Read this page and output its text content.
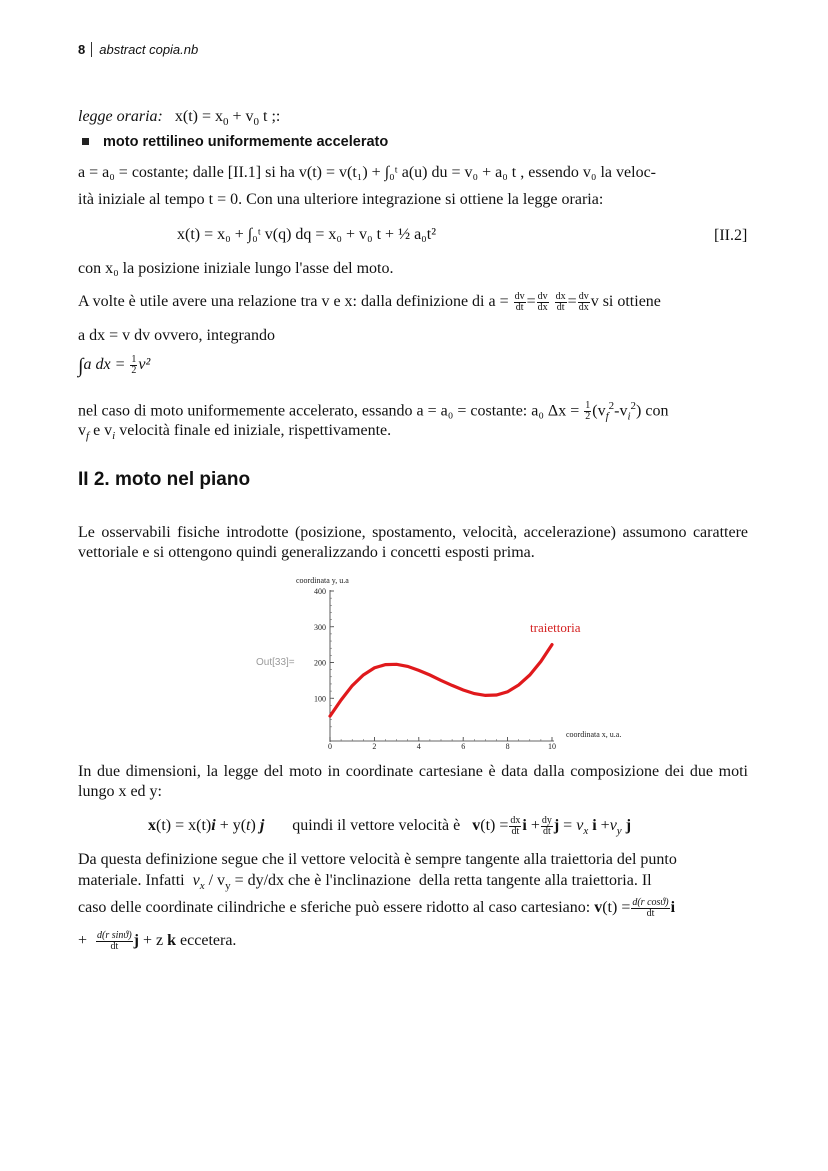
8 abstract copia.nb
legge oraria: $x(t) = x_0 + v_0$ t ;:
moto rettilineo uniformemente accelerato
a = a₀ = costante; dalle [II.1] si ha v(t) = v(t₁) + ∫₀ᵗ a(u) du = v₀ + a₀ t , essendo v₀ la veloc-
ità iniziale al tempo t = 0. Con una ulteriore integrazione si ottiene la legge oraria:
x(t) = x₀ + ∫₀ᵗ v(q) dq = x₀ + v₀ t + ½ a₀t²	[II.2]
con x₀ la posizione iniziale lungo l'asse del moto.
A volte è utile avere una relazione tra v e x: dalla definizione di $a = \frac{dv}{dt} = \frac{dv}{dx}$
$\frac{dx}{dt} = \frac{dv}{dx}$ v si ottiene
a dx = v dv ovvero, integrando
∫a dx = $\frac{1}{2} v^2$
nel caso di moto uniformemente accelerato, essando a = a₀ = costante: a₀ $\Delta x = \frac{1}{2} (v_f^2-v_i^2)$ con
$v_f$ e $v_i$ velocità finale ed iniziale, rispettivamente.
II 2. moto nel piano
Le osservabili fisiche introdotte (posizione, spostamento, velocità, accelerazione) assumono carattere vettoriale e si ottengono quindi generalizzando i concetti esposti prima.
Out[33]=
coordinata y, u.a
100
200
300
400
0	2	4	6	8	10
traiettoria
coordinata x, u.a.
In due dimensioni, la legge del moto in coordinate cartesiane è data dalla composizione dei due moti lungo x ed y:
x(t) = x(t)i + y(t) j quindi il vettore velocità è $v(t) = \frac{dx}{dt}$ $i + \frac{dy}{dt}$ $j = v_x$ $i +v_y$ j
Da questa definizione segue che il vettore velocità è sempre tangente alla traiettoria del punto
materiale. Infatti  $v_x / v_y = dy/dx$ che è l'inclinazione  della retta tangente alla traiettoria. Il
caso delle coordinate cilindriche e sferiche può essere ridotto al caso cartesiano: $v(t) = \frac{\text{d(r cosϑ)}}{dt}$ i
+ $\frac{\text{d(r sinϑ)}}{dt}$ j + z k eccetera.
